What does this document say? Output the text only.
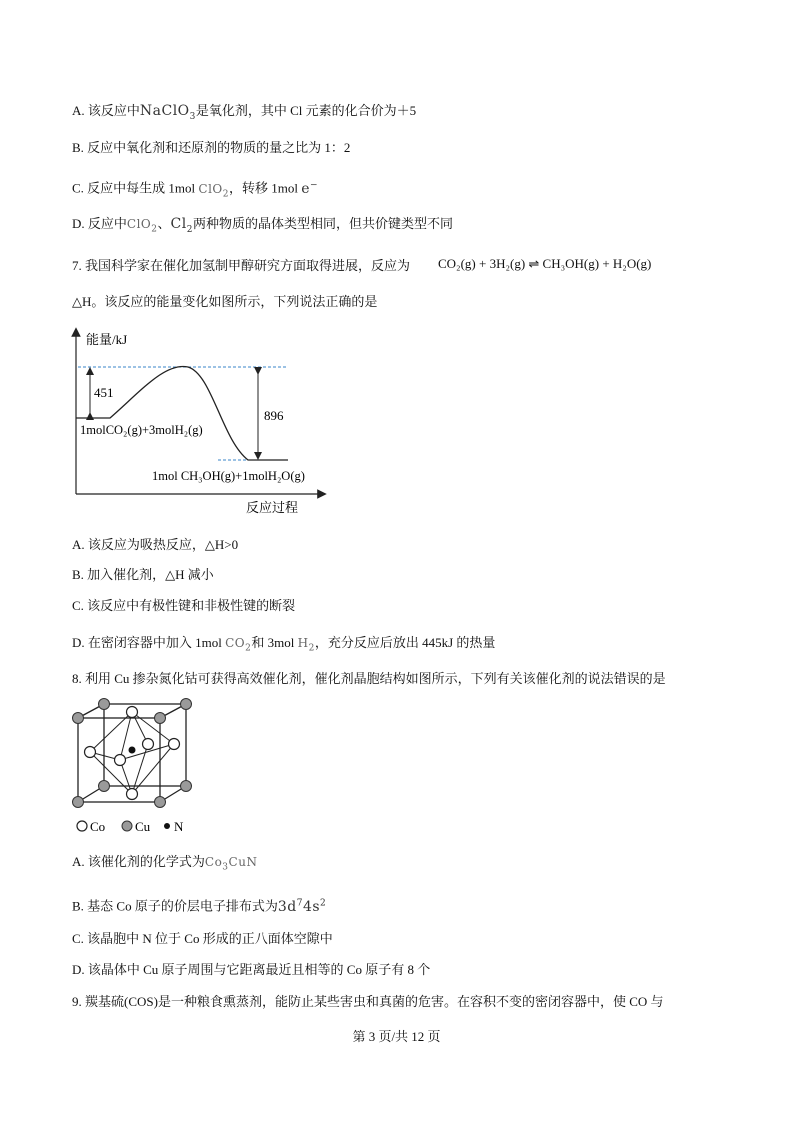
A. 该反应中NaClO$_3$是氧化剂，其中 Cl 元素的化合价为＋5
B. 反应中氧化剂和还原剂的物质的量之比为 1：2
C. 反应中每生成 1mol ClO$_2$，转移 1mol e−
D. 反应中ClO$_2$、$Cl_2$两种物质的晶体类型相同，但共价键类型不同
7. 我国科学家在催化加氢制甲醇研究方面取得进展，反应为 CO₂(g) + 3H₂(g) ⇌ CH₃OH(g) + H₂O(g)
△H。该反应的能量变化如图所示，下列说法正确的是
能量/kJ
反应过程
451
896
1molCO₂(g)+3molH₂(g)
1mol CH₃OH(g)+1molH₂O(g)
A. 该反应为吸热反应，△H>0
B. 加入催化剂，△H 减小
C. 该反应中有极性键和非极性键的断裂
D. 在密闭容器中加入 1mol $CO_2$和 3mol $H_2$，充分反应后放出 445kJ 的热量
8. 利用 Cu 掺杂氮化钴可获得高效催化剂，催化剂晶胞结构如图所示，下列有关该催化剂的说法错误的是
Co Cu N
A. 该催化剂的化学式为$Co_3CuN$
B. 基态 Co 原子的价层电子排布式为$3d^74s^2$
C. 该晶胞中 N 位于 Co 形成的正八面体空隙中
D. 该晶体中 Cu 原子周围与它距离最近且相等的 Co 原子有 8 个
9. 羰基硫(COS)是一种粮食熏蒸剂，能防止某些害虫和真菌的危害。在容积不变的密闭容器中，使 CO 与
第 3 页/共 12 页
